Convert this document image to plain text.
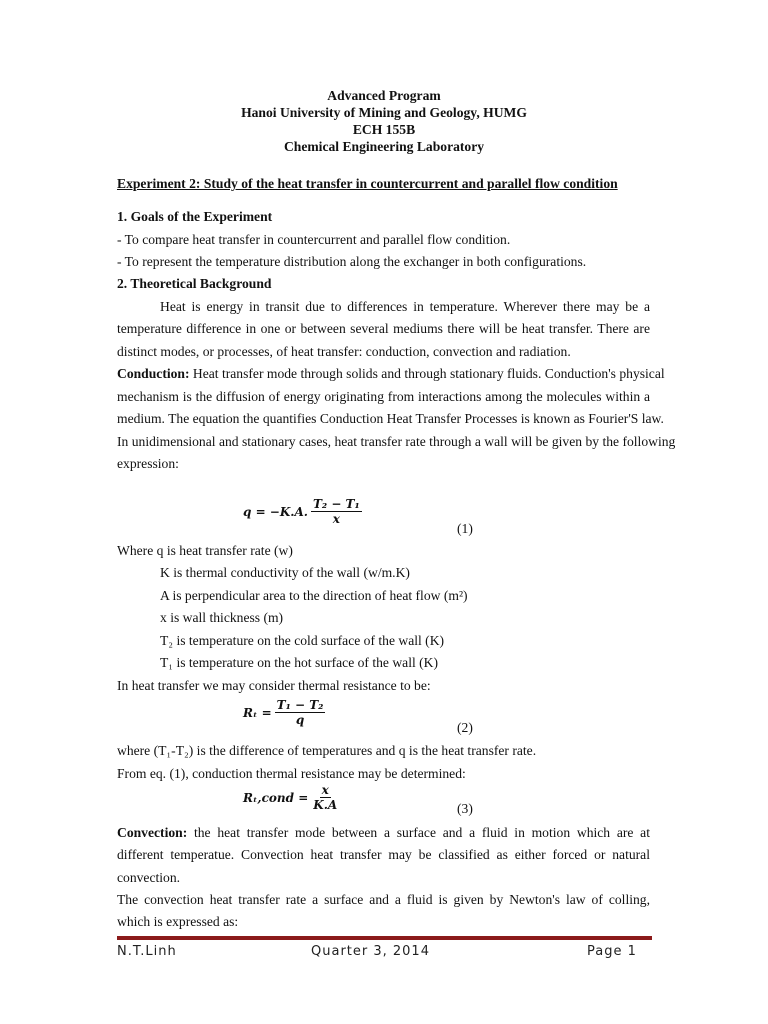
Advanced Program
Hanoi University of Mining and Geology, HUMG
ECH 155B
Chemical Engineering Laboratory
Experiment 2: Study of the heat transfer in countercurrent and parallel flow condition
1. Goals of the Experiment
- To compare heat transfer in countercurrent and parallel flow condition.
- To represent the temperature distribution along the exchanger in both configurations.
2. Theoretical Background
Heat is energy in transit due to differences in temperature. Wherever there may be a
temperature difference in one or between several mediums there will be heat transfer. There are
distinct modes, or processes, of heat transfer: conduction, convection and radiation.
Conduction: Heat transfer mode through solids and through stationary fluids. Conduction's physical
mechanism is the diffusion of energy originating from interactions among the molecules within a
medium. The equation the quantifies Conduction Heat Transfer Processes is known as Fourier'S law.
In unidimensional and stationary cases, heat transfer rate through a wall will be given by the following
expression:
q = −K.A. $\frac{\text{T₂ − T₁}}{x}$
(1)
Where q is heat transfer rate (w)
K is thermal conductivity of the wall (w/m.K)
A is perpendicular area to the direction of heat flow (m²)
x is wall thickness (m)
T₂ is temperature on the cold surface of the wall (K)
T₁ is temperature on the hot surface of the wall (K)
In heat transfer we may consider thermal resistance to be:
$R_t = \frac{\text{T₁ − T₂}}{q}$
(2)
where (T₁-T₂) is the difference of temperatures and q is the heat transfer rate.
From eq. (1), conduction thermal resistance may be determined:
Rₜ,cond = $\frac{x}{K.A}$	(3)
Convection: the heat transfer mode between a surface and a fluid in motion which are at
different temperatue. Convection heat transfer may be classified as either forced or natural
convection.
The convection heat transfer rate a surface and a fluid is given by Newton's law of colling,
which is expressed as:
N.T.Linh	Quarter 3, 2014	Page 1
